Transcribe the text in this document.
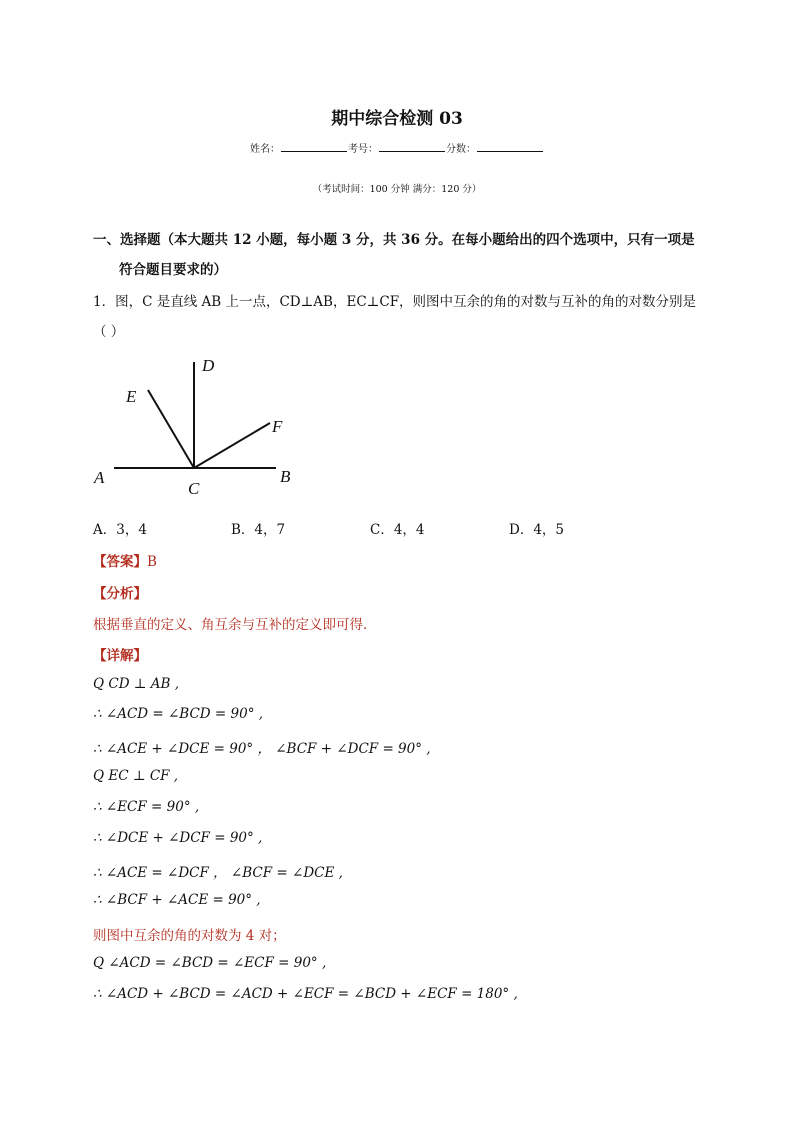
期中综合检测 03
姓名：	考号：	分数：
（考试时间：100 分钟 满分：120 分）
一、选择题（本大题共 12 小题，每小题 3 分，共 36 分。在每小题给出的四个选项中，只有一项是
符合题目要求的）
1．图，C 是直线 AB 上一点，CD⊥AB，EC⊥CF，则图中互余的角的对数与互补的角的对数分别是
（ ）
A	B
C
D
E
F
A．3，4	B．4，7	C．4，4	D．4，5
【答案】B
【分析】
根据垂直的定义、角互余与互补的定义即可得．
【详解】
Q CD ⊥ AB ,
∴ ∠ACD = ∠BCD = 90° ,
∴ ∠ACE + ∠DCE = 90° ， ∠BCF + ∠DCF = 90° ,
Q EC ⊥ CF ,
∴ ∠ECF = 90° ,
∴ ∠DCE + ∠DCF = 90° ,
∴ ∠ACE = ∠DCF ， ∠BCF = ∠DCE ,
∴ ∠BCF + ∠ACE = 90° ,
则图中互余的角的对数为 4 对；
Q ∠ACD = ∠BCD = ∠ECF = 90° ,
∴ ∠ACD + ∠BCD = ∠ACD + ∠ECF = ∠BCD + ∠ECF = 180° ,
